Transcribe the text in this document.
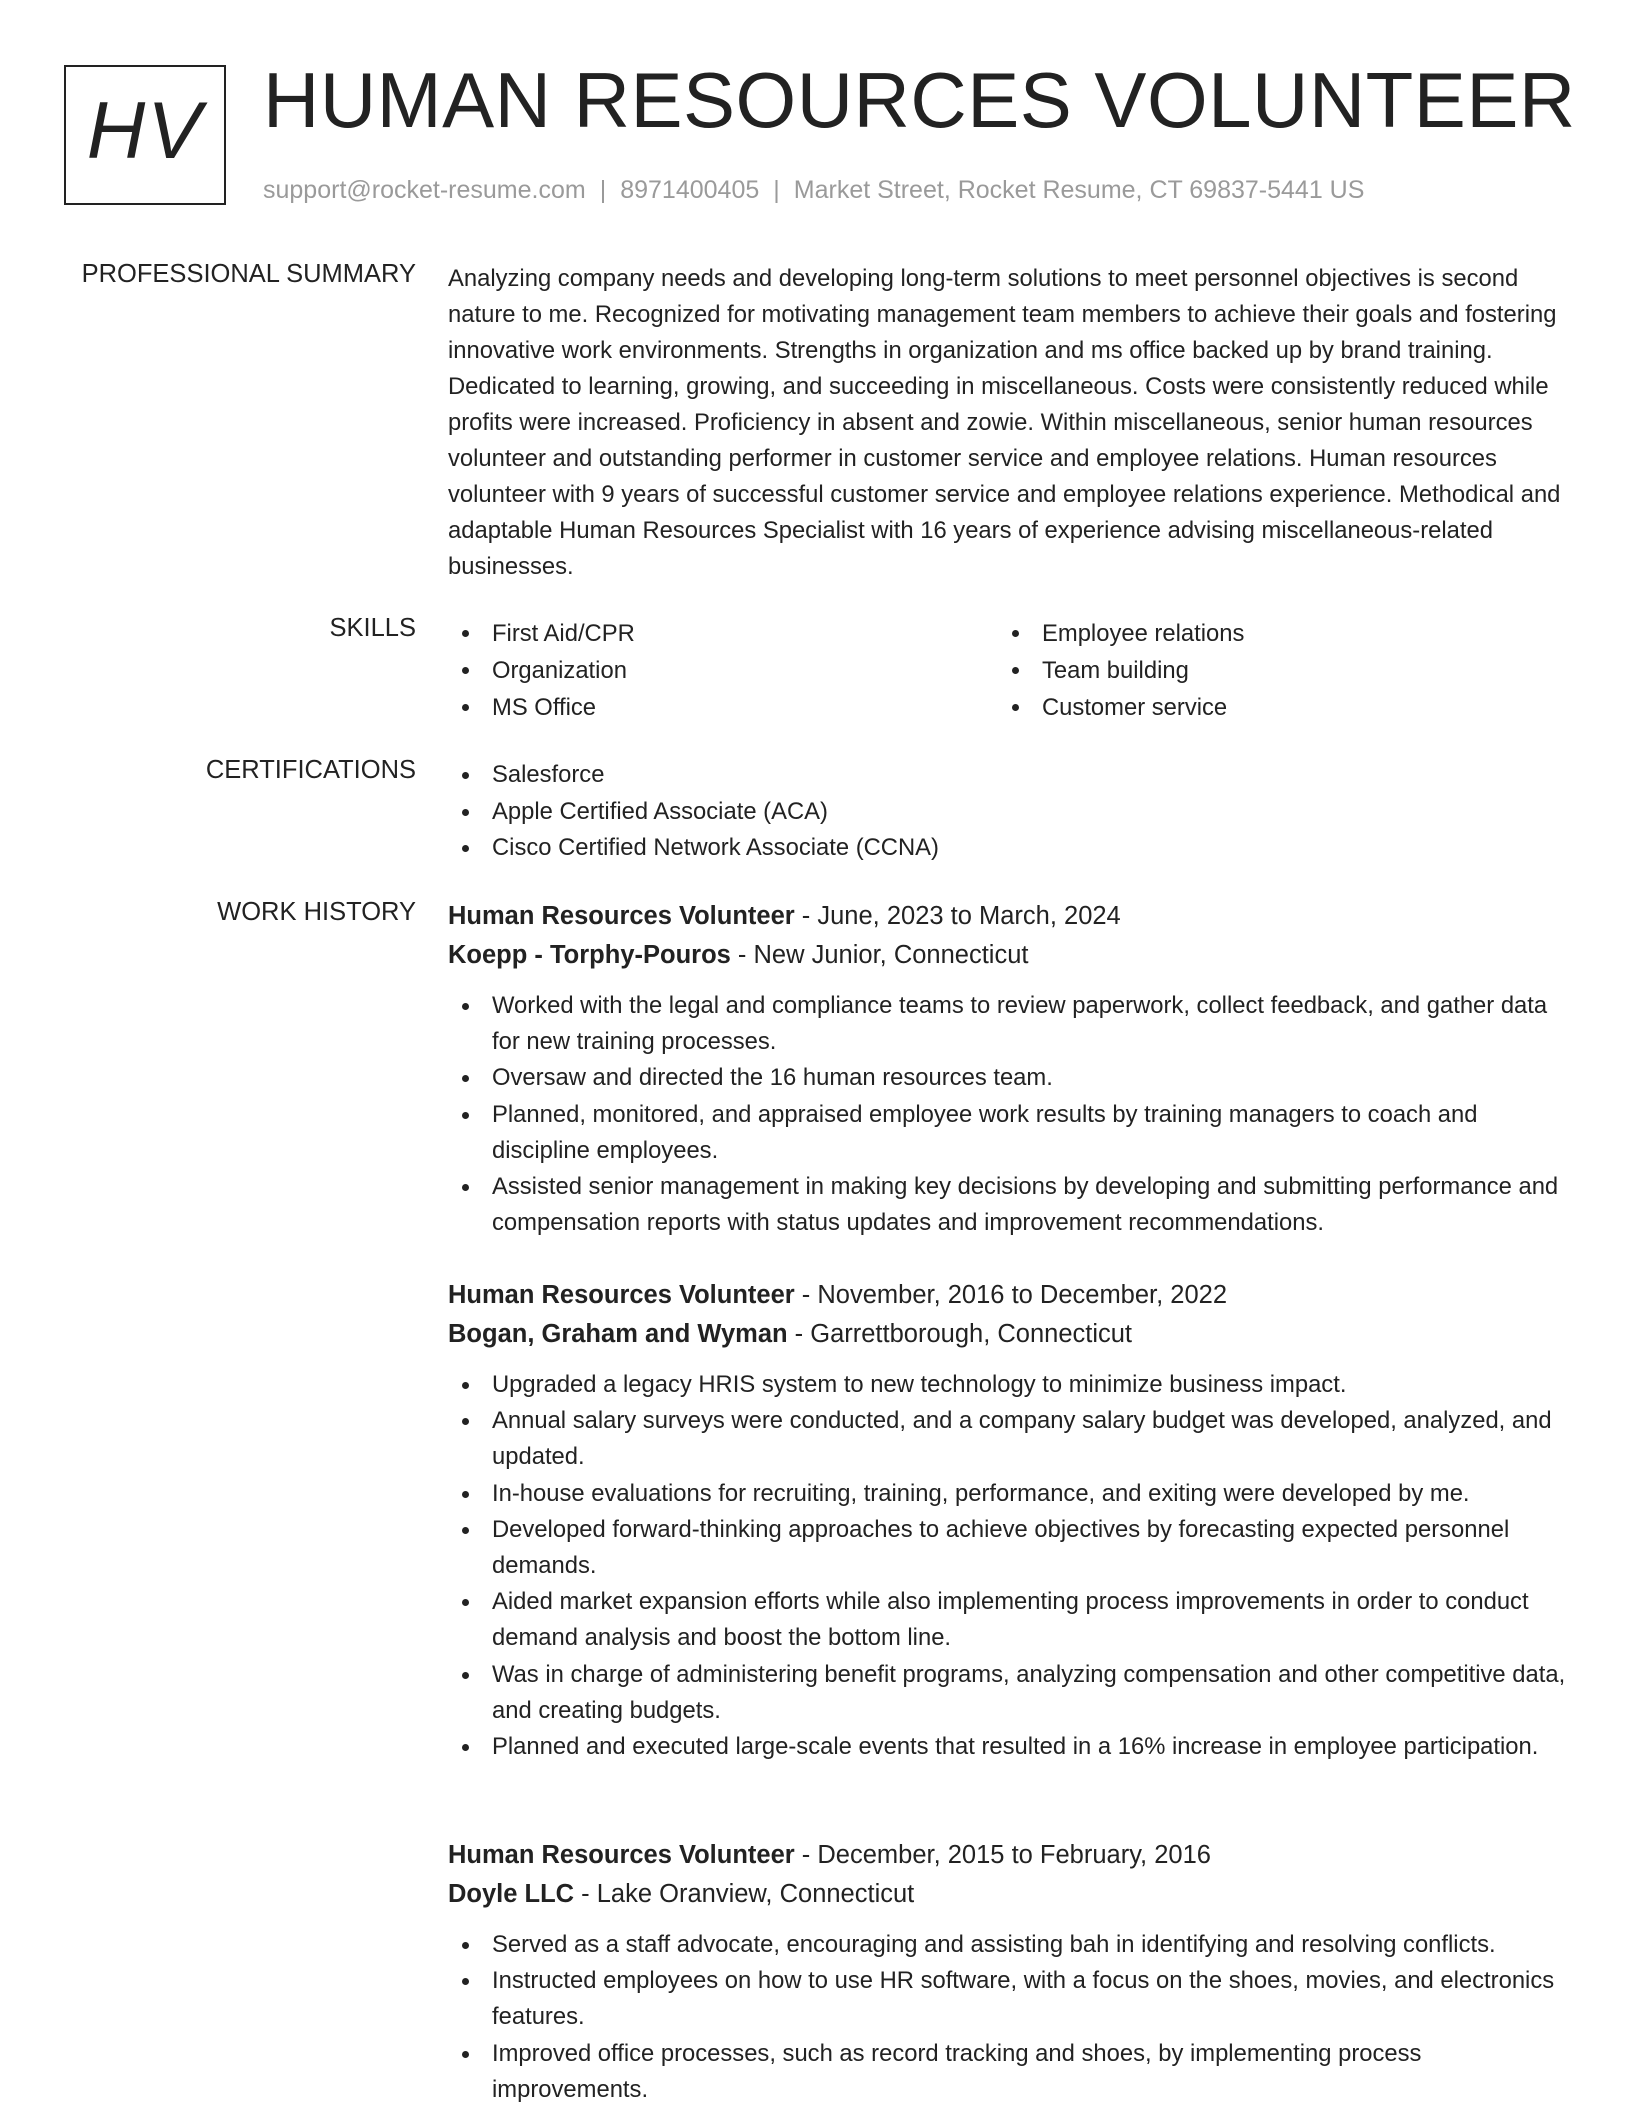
HV HUMAN RESOURCES VOLUNTEER
support@rocket-resume.com | 8971400405 | Market Street, Rocket Resume, CT 69837-5441 US
PROFESSIONAL SUMMARY Analyzing company needs and developing long-term solutions to meet personnel objectives is second nature to me. Recognized for motivating management team members to achieve their goals and fostering innovative work environments. Strengths in organization and ms office backed up by brand training. Dedicated to learning, growing, and succeeding in miscellaneous. Costs were consistently reduced while profits were increased. Proficiency in absent and zowie. Within miscellaneous, senior human resources volunteer and outstanding performer in customer service and employee relations. Human resources volunteer with 9 years of successful customer service and employee relations experience. Methodical and adaptable Human Resources Specialist with 16 years of experience advising miscellaneous-related businesses.

SKILLS	First Aid/CPR
Organization
MS Office
Employee relations
Team building
Customer service
CERTIFICATIONS	Salesforce
Apple Certified Associate (ACA)
Cisco Certified Network Associate (CCNA)
WORK HISTORY Human Resources Volunteer - June, 2023 to March, 2024
Koepp - Torphy-Pouros - New Junior, Connecticut
Worked with the legal and compliance teams to review paperwork, collect feedback, and gather data for new training processes.
Oversaw and directed the 16 human resources team.
Planned, monitored, and appraised employee work results by training managers to coach and discipline employees.
Assisted senior management in making key decisions by developing and submitting performance and compensation reports with status updates and improvement recommendations.
Human Resources Volunteer - November, 2016 to December, 2022
Bogan, Graham and Wyman - Garrettborough, Connecticut
Upgraded a legacy HRIS system to new technology to minimize business impact.
Annual salary surveys were conducted, and a company salary budget was developed, analyzed, and updated.
In-house evaluations for recruiting, training, performance, and exiting were developed by me.
Developed forward-thinking approaches to achieve objectives by forecasting expected personnel demands.
Aided market expansion efforts while also implementing process improvements in order to conduct demand analysis and boost the bottom line.
Was in charge of administering benefit programs, analyzing compensation and other competitive data, and creating budgets.
Planned and executed large-scale events that resulted in a 16% increase in employee participation.
Human Resources Volunteer - December, 2015 to February, 2016
Doyle LLC - Lake Oranview, Connecticut
Served as a staff advocate, encouraging and assisting bah in identifying and resolving conflicts.
Instructed employees on how to use HR software, with a focus on the shoes, movies, and electronics features.
Improved office processes, such as record tracking and shoes, by implementing process improvements.
